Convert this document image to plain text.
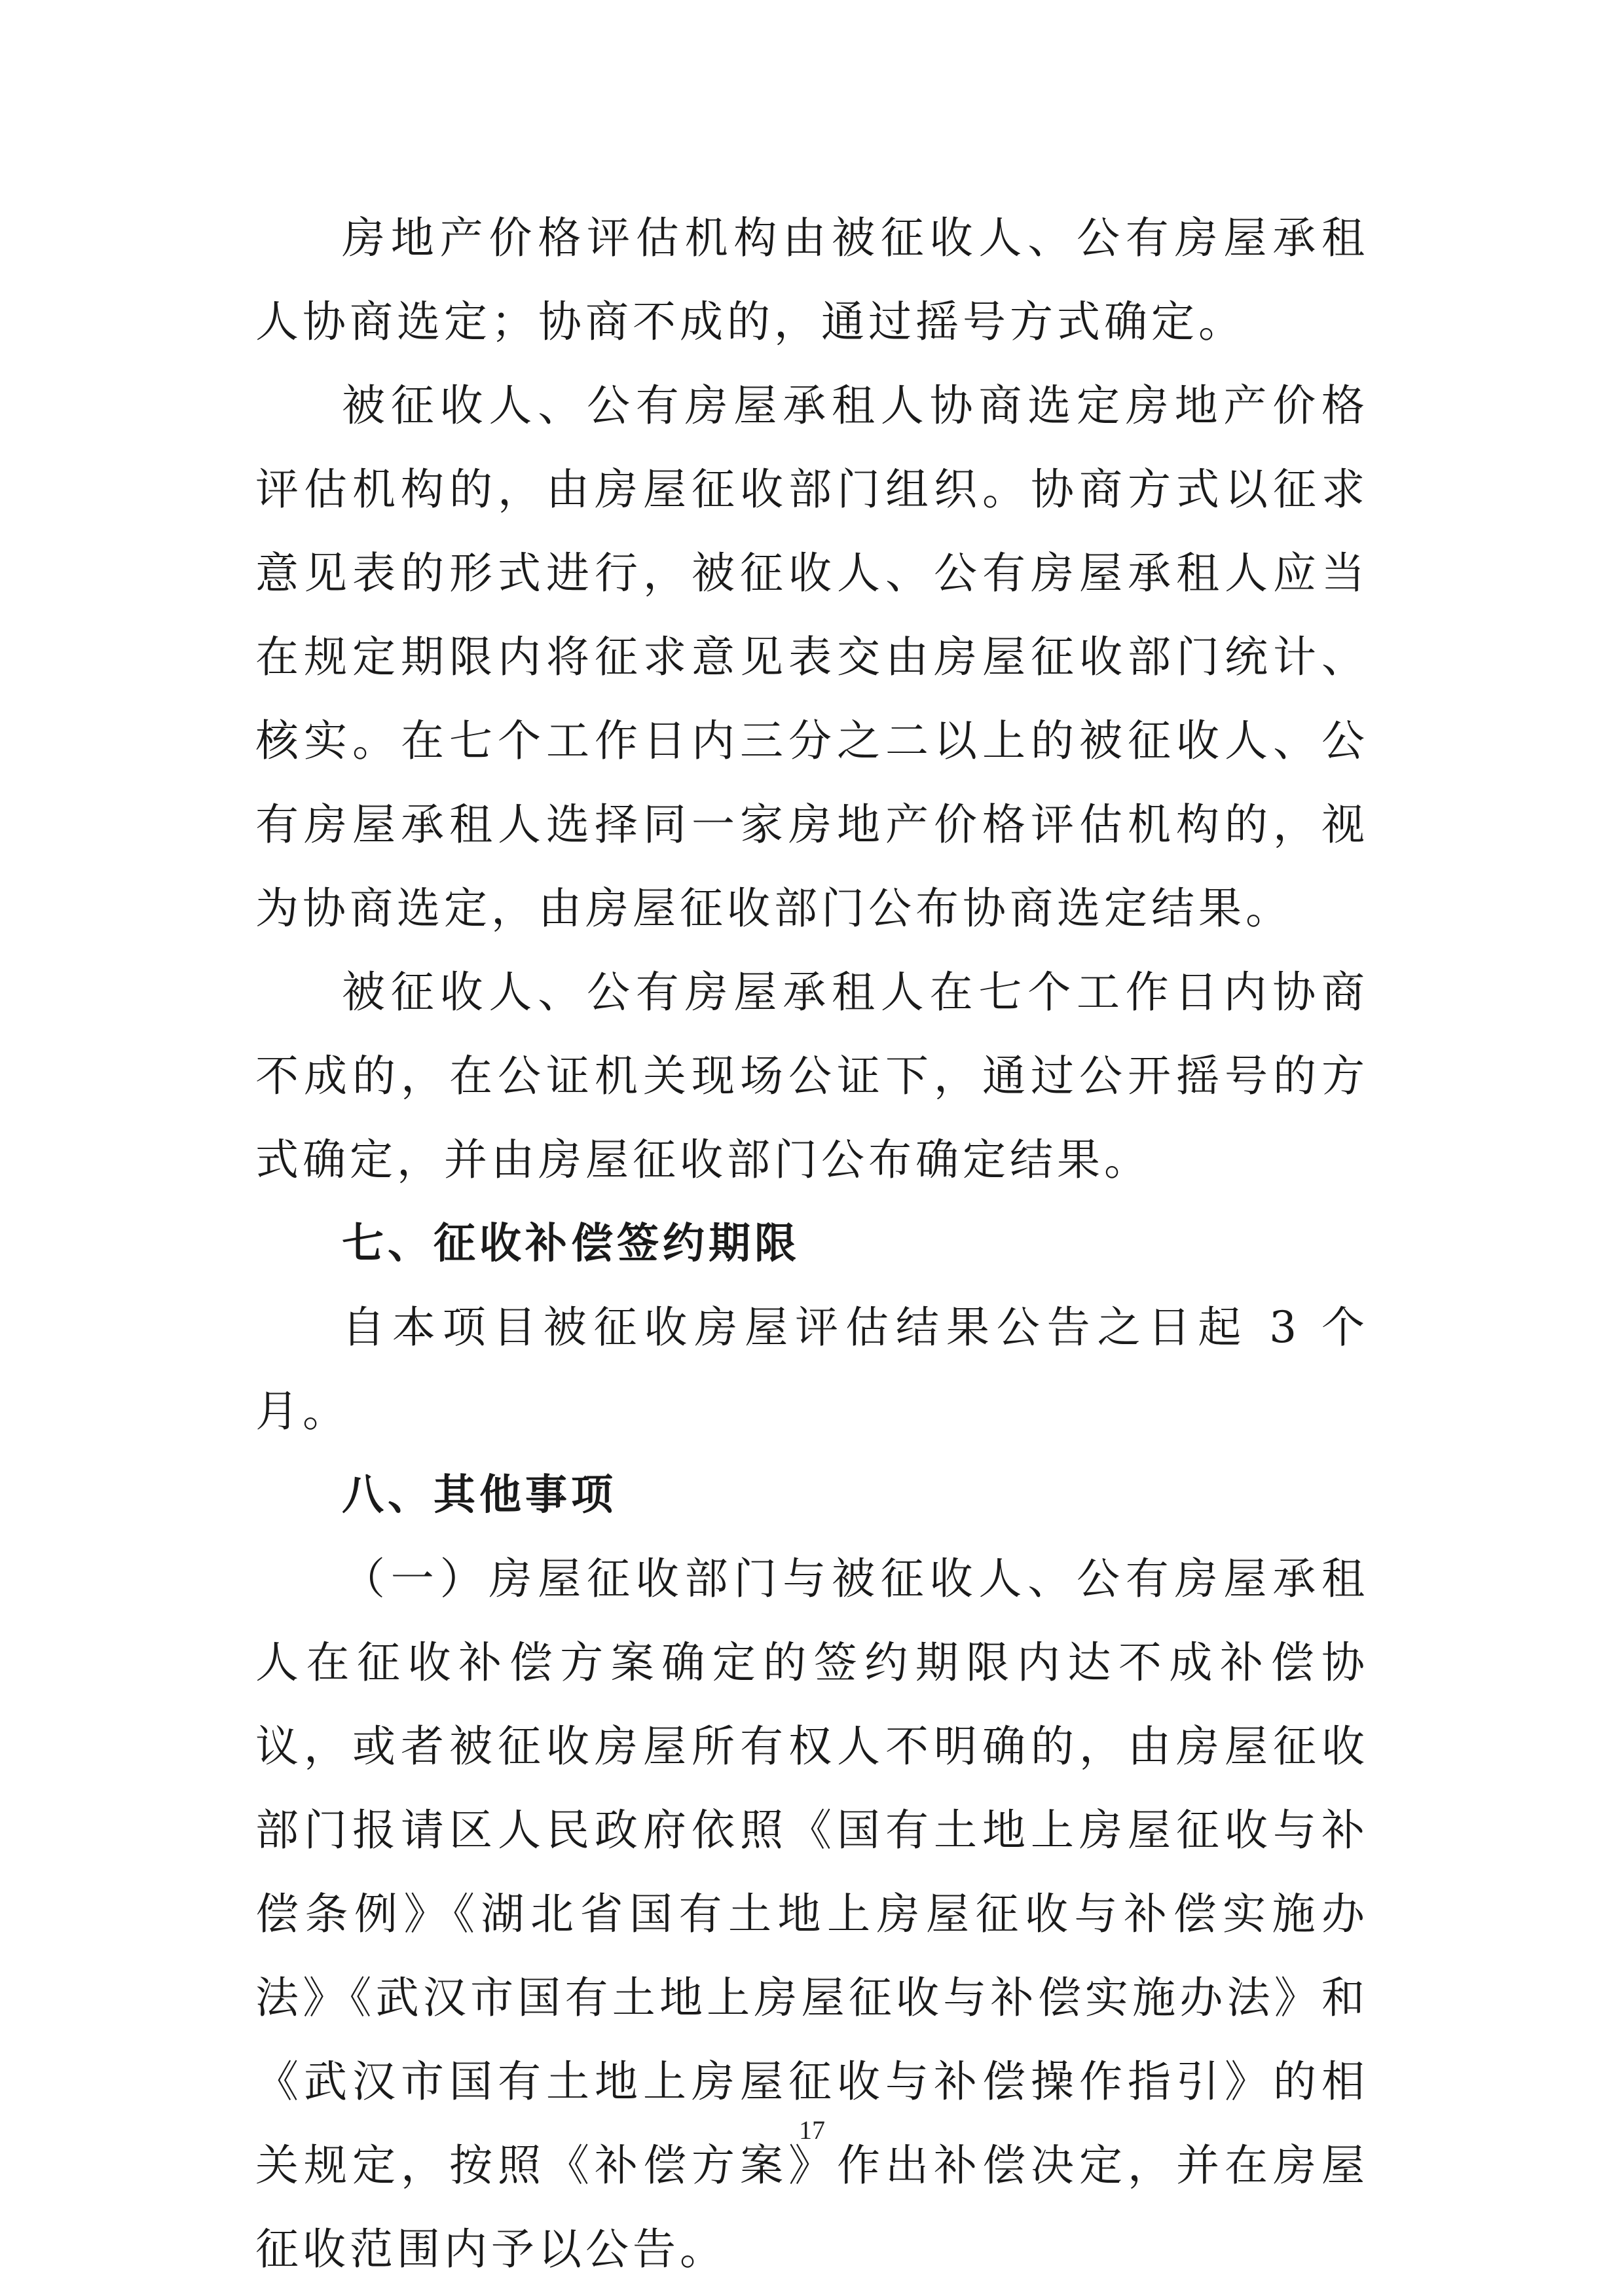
房地产价格评估机构由被征收人、公有房屋承租人协商选定；协商不成的，通过摇号方式确定。

被征收人、公有房屋承租人协商选定房地产价格评估机构的，由房屋征收部门组织。协商方式以征求意见表的形式进行，被征收人、公有房屋承租人应当在规定期限内将征求意见表交由房屋征收部门统计、核实。在七个工作日内三分之二以上的被征收人、公有房屋承租人选择同一家房地产价格评估机构的，视为协商选定，由房屋征收部门公布协商选定结果。

被征收人、公有房屋承租人在七个工作日内协商不成的，在公证机关现场公证下，通过公开摇号的方式确定，并由房屋征收部门公布确定结果。

七、征收补偿签约期限

自本项目被征收房屋评估结果公告之日起 3 个月。

八、其他事项

（一）房屋征收部门与被征收人、公有房屋承租人在征收补偿方案确定的签约期限内达不成补偿协议，或者被征收房屋所有权人不明确的，由房屋征收部门报请区人民政府依照《国有土地上房屋征收与补偿条例》《湖北省国有土地上房屋征收与补偿实施办法》《武汉市国有土地上房屋征收与补偿实施办法》和《武汉市国有土地上房屋征收与补偿操作指引》的相关规定，按照《补偿方案》作出补偿决定，并在房屋征收范围内予以公告。

17
